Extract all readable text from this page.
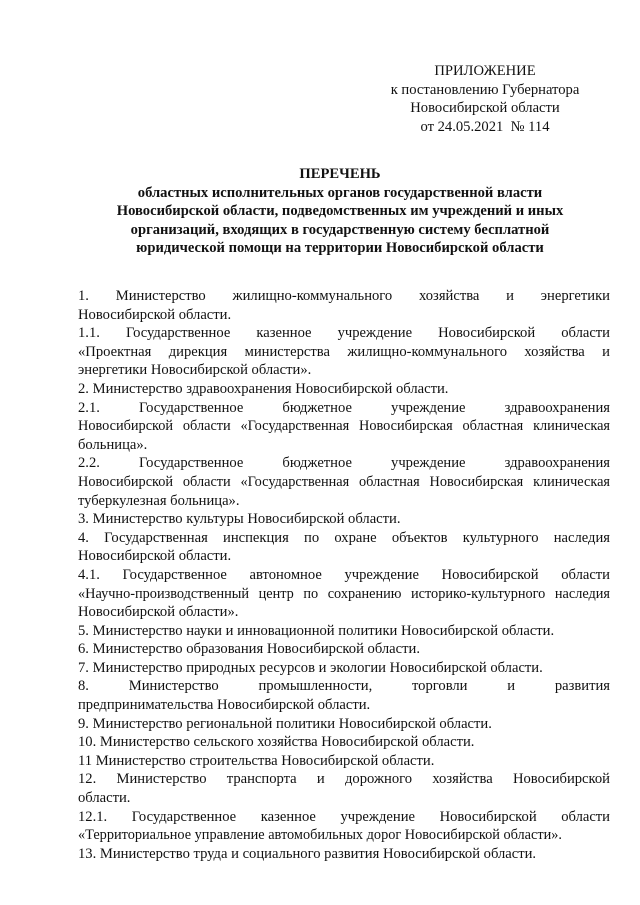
ПРИЛОЖЕНИЕ
к постановлению Губернатора
Новосибирской области
от 24.05.2021  № 114
ПЕРЕЧЕНЬ
областных исполнительных органов государственной власти
Новосибирской области, подведомственных им учреждений и иных
организаций, входящих в государственную систему бесплатной
юридической помощи на территории Новосибирской области
1. Министерство жилищно-коммунального хозяйства и энергетики
Новосибирской области.
1.1. Государственное казенное учреждение Новосибирской области
«Проектная дирекция министерства жилищно-коммунального хозяйства и
энергетики Новосибирской области».
2. Министерство здравоохранения Новосибирской области.
2.1. Государственное бюджетное учреждение здравоохранения
Новосибирской области «Государственная Новосибирская областная клиническая
больница».
2.2. Государственное бюджетное учреждение здравоохранения
Новосибирской области «Государственная областная Новосибирская клиническая
туберкулезная больница».
3. Министерство культуры Новосибирской области.
4. Государственная инспекция по охране объектов культурного наследия
Новосибирской области.
4.1. Государственное автономное учреждение Новосибирской области
«Научно-производственный центр по сохранению историко-культурного наследия
Новосибирской области».
5. Министерство науки и инновационной политики Новосибирской области.
6. Министерство образования Новосибирской области.
7. Министерство природных ресурсов и экологии Новосибирской области.
8. Министерство промышленности, торговли и развития
предпринимательства Новосибирской области.
9. Министерство региональной политики Новосибирской области.
10. Министерство сельского хозяйства Новосибирской области.
11 Министерство строительства Новосибирской области.
12. Министерство транспорта и дорожного хозяйства Новосибирской
области.
12.1. Государственное казенное учреждение Новосибирской области
«Территориальное управление автомобильных дорог Новосибирской области».
13. Министерство труда и социального развития Новосибирской области.
